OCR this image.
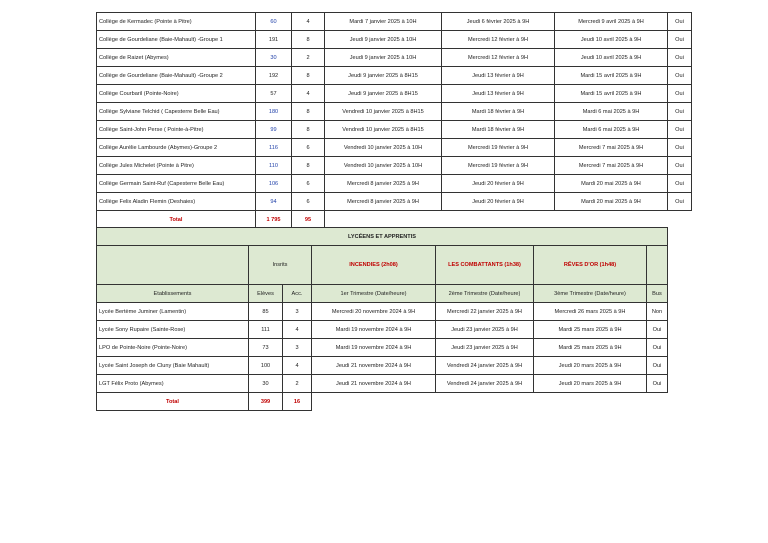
Collège de Kermadec (Pointe à Pitre)	60	4	Mardi 7 janvier 2025 à 10H	Jeudi 6 février 2025 à 9H	Mercredi 9 avril 2025 à 9H	Oui
Collège de Gourdeliane (Baie-Mahault) -Groupe 1	191	8	Jeudi 9 janvier 2025 à 10H	Mercredi 12 février à 9H	Jeudi 10 avril 2025 à 9H	Oui
Collège de Raizet (Abymes)	30	2	Jeudi 9 janvier 2025 à 10H	Mercredi 12 février à 9H	Jeudi 10 avril 2025 à 9H	Oui
Collège de Gourdeliane (Baie-Mahault) -Groupe 2	192	8	Jeudi 9 janvier 2025 à 8H15	Jeudi 13 février à 9H	Mardi 15 avril 2025 à 9H	Oui
Collège Courbaril (Pointe-Noire)	57	4	Jeudi 9 janvier 2025 à 8H15	Jeudi 13 février à 9H	Mardi 15 avril 2025 à 9H	Oui
Collège Sylviane Telchid ( Capesterre Belle Eau)	180	8	Vendredi 10 janvier 2025 à 8H15	Mardi 18 février à 9H	Mardi 6 mai 2025 à 9H	Oui
Collège Saint-John Perse ( Pointe-à-Pitre)	99	8	Vendredi 10 janvier 2025 à 8H15	Mardi 18 février à 9H	Mardi 6 mai 2025 à 9H	Oui
Collège Aurélie Lambourde (Abymes)-Groupe 2	116	6	Vendredi 10 janvier 2025 à 10H	Mercredi 19 février à 9H	Mercredi 7 mai 2025 à 9H	Oui
Collège Jules Michelet (Pointe à Pitre)	110	8	Vendredi 10 janvier 2025 à 10H	Mercredi 19 février à 9H	Mercredi 7 mai 2025 à 9H	Oui
Collège Germain Saint-Ruf (Capesterre Belle Eau)	106	6	Mercredi 8 janvier 2025 à 9H	Jeudi 20 février à 9H	Mardi 20 mai 2025 à 9H	Oui
Collège Felix Aladin Flemin (Deshaies)	94	6	Mercredi 8 janvier 2025 à 9H	Jeudi 20 février à 9H	Mardi 20 mai 2025 à 9H	Oui
Total	1 795	95				
LYCÉENS ET APPRENTIS						
	Insrits		INCENDIES (2h08)	LES COMBATTANTS (1h38)	RÊVES D'OR (1h48)	
Etablissements	Elèves	Acc.	1er Trimestre (Date/heure)	2ème Trimestre (Date/heure)	3ème Trimestre (Date/heure)	Bus
Lycée Bertème Juminer (Lamentin)	85	3	Mercredi 20 novembre 2024 à 9H	Mercredi 22 janvier 2025 à 9H	Mercredi 26 mars 2025 à 9H	Non
Lycée Sony Rupaire (Sainte-Rose)	111	4	Mardi 19 novembre 2024 à 9H	Jeudi 23 janvier 2025 à 9H	Mardi 25 mars 2025 à 9H	Oui
LPO de Pointe-Noire (Pointe-Noire)	73	3	Mardi 19 novembre 2024 à 9H	Jeudi 23 janvier 2025 à 9H	Mardi 25 mars 2025 à 9H	Oui
Lycée Saint Joseph de Cluny (Baie Mahault)	100	4	Jeudi 21 novembre 2024 à 9H	Vendredi 24 janvier 2025 à 9H	Jeudi 20 mars 2025 à 9H	Oui
LGT Félix Proto (Abymes)	30	2	Jeudi 21 novembre 2024 à 9H	Vendredi 24 janvier 2025 à 9H	Jeudi 20 mars 2025 à 9H	Oui
Total	399	16				
